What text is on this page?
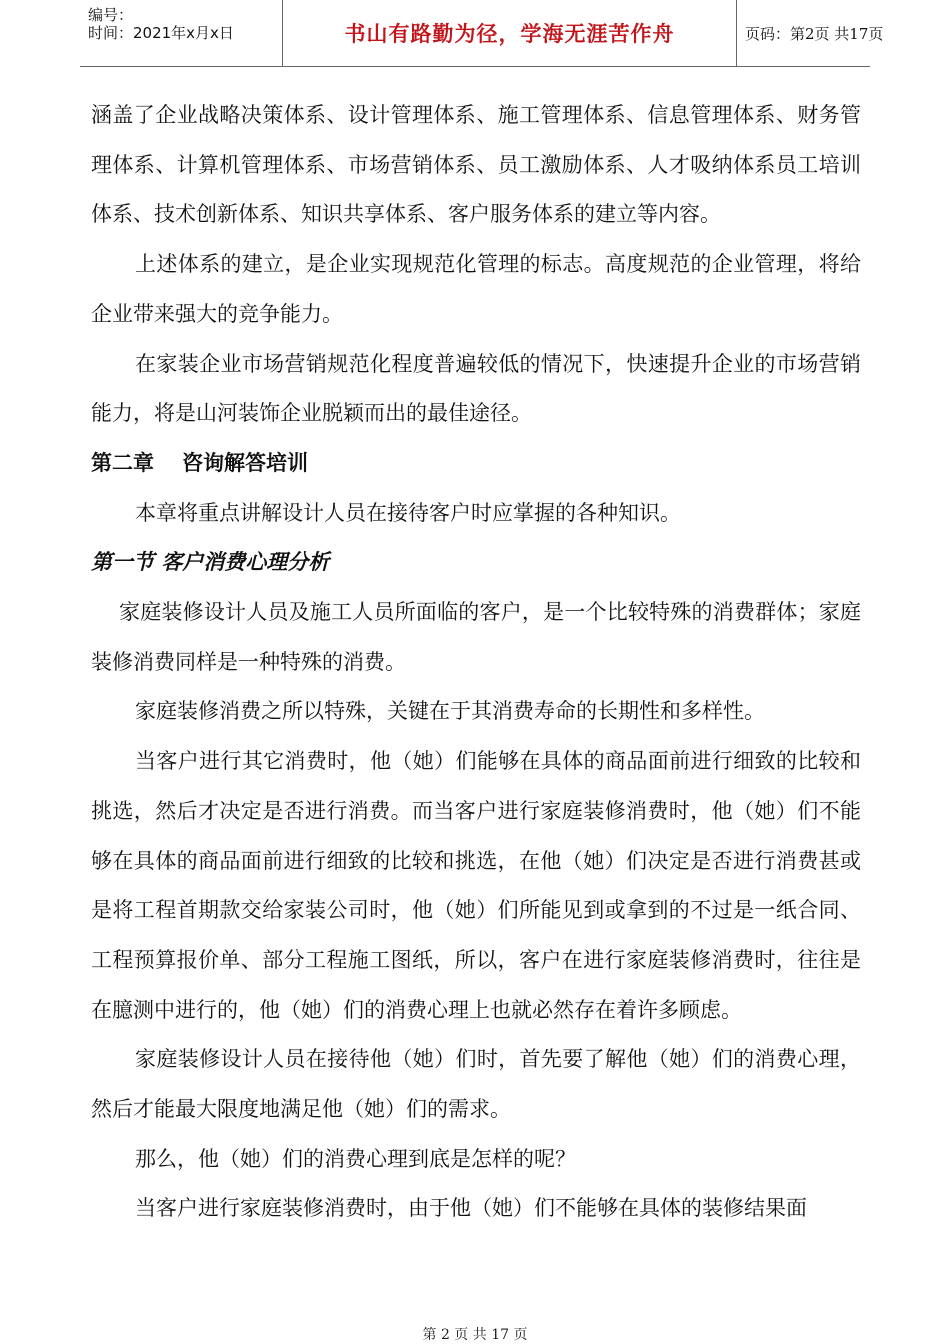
编号：
时间：2021年x月x日	书山有路勤为径，学海无涯苦作舟	页码：第2页 共17页

涵盖了企业战略决策体系、设计管理体系、施工管理体系、信息管理体系、财务管理体系、计算机管理体系、市场营销体系、员工激励体系、人才吸纳体系员工培训体系、技术创新体系、知识共享体系、客户服务体系的建立等内容。

上述体系的建立，是企业实现规范化管理的标志。高度规范的企业管理，将给企业带来强大的竞争能力。

在家装企业市场营销规范化程度普遍较低的情况下，快速提升企业的市场营销能力，将是山河装饰企业脱颖而出的最佳途径。

第二章 咨询解答培训

本章将重点讲解设计人员在接待客户时应掌握的各种知识。

第一节 客户消费心理分析

家庭装修设计人员及施工人员所面临的客户，是一个比较特殊的消费群体；家庭装修消费同样是一种特殊的消费。

家庭装修消费之所以特殊，关键在于其消费寿命的长期性和多样性。

当客户进行其它消费时，他（她）们能够在具体的商品面前进行细致的比较和挑选，然后才决定是否进行消费。而当客户进行家庭装修消费时，他（她）们不能够在具体的商品面前进行细致的比较和挑选，在他（她）们决定是否进行消费甚或是将工程首期款交给家装公司时，他（她）们所能见到或拿到的不过是一纸合同、工程预算报价单、部分工程施工图纸，所以，客户在进行家庭装修消费时，往往是在臆测中进行的，他（她）们的消费心理上也就必然存在着许多顾虑。

家庭装修设计人员在接待他（她）们时，首先要了解他（她）们的消费心理，然后才能最大限度地满足他（她）们的需求。

那么，他（她）们的消费心理到底是怎样的呢？

当客户进行家庭装修消费时，由于他（她）们不能够在具体的装修结果面

第 2 页 共 17 页
